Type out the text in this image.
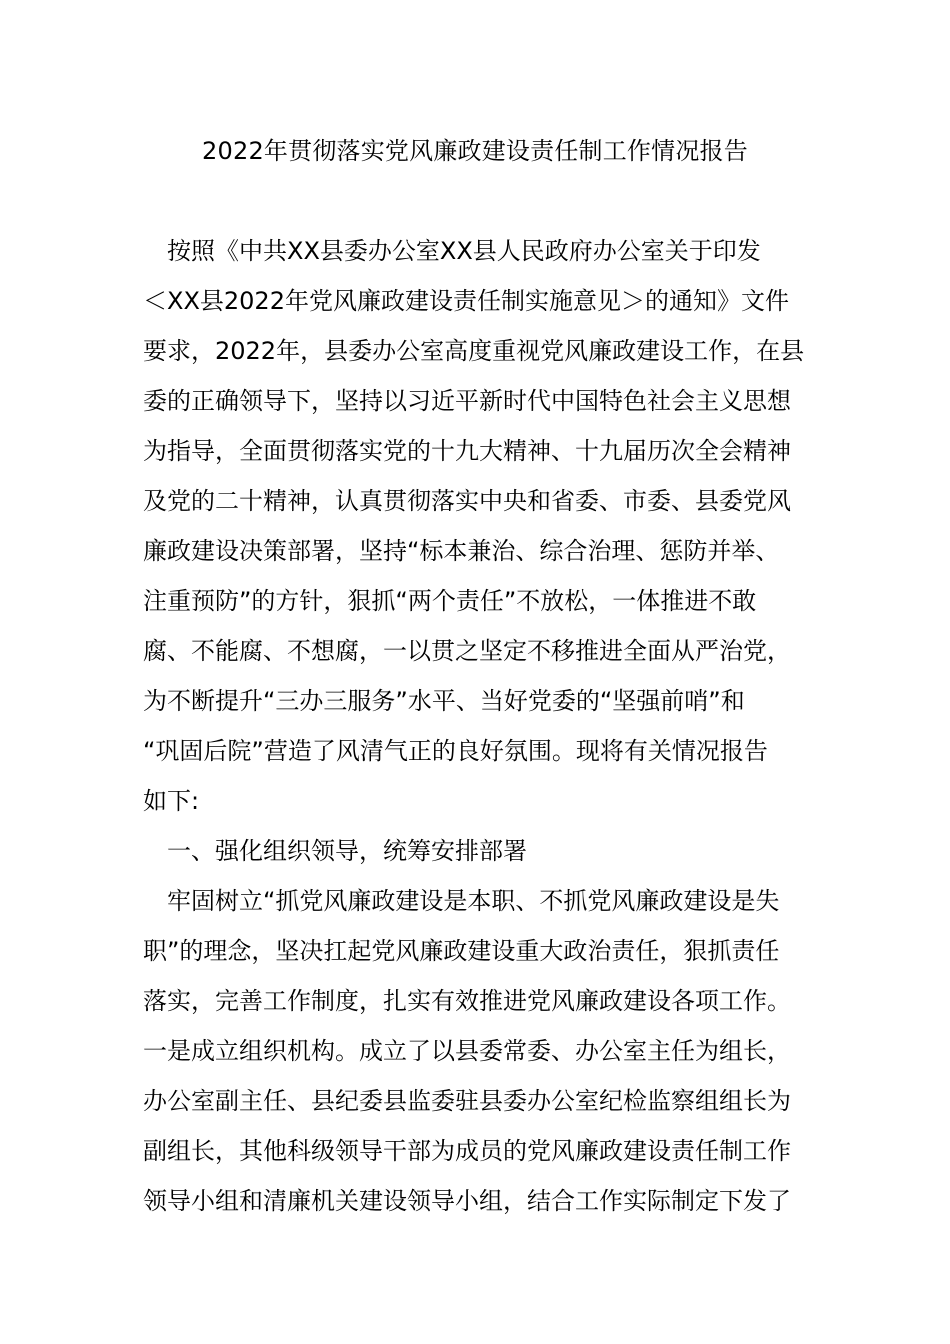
2022年贯彻落实党风廉政建设责任制工作情况报告
　按照《中共XX县委办公室XX县人民政府办公室关于印发
＜XX县2022年党风廉政建设责任制实施意见＞的通知》文件
要求，2022年，县委办公室高度重视党风廉政建设工作，在县
委的正确领导下，坚持以习近平新时代中国特色社会主义思想
为指导，全面贯彻落实党的十九大精神、十九届历次全会精神
及党的二十精神，认真贯彻落实中央和省委、市委、县委党风
廉政建设决策部署，坚持“标本兼治、综合治理、惩防并举、
注重预防”的方针，狠抓“两个责任”不放松，一体推进不敢
腐、不能腐、不想腐，一以贯之坚定不移推进全面从严治党，
为不断提升“三办三服务”水平、当好党委的“坚强前哨”和
“巩固后院”营造了风清气正的良好氛围。现将有关情况报告
如下:
　一、强化组织领导，统筹安排部署
　牢固树立“抓党风廉政建设是本职、不抓党风廉政建设是失
职”的理念，坚决扛起党风廉政建设重大政治责任，狠抓责任
落实，完善工作制度，扎实有效推进党风廉政建设各项工作。
一是成立组织机构。成立了以县委常委、办公室主任为组长，
办公室副主任、县纪委县监委驻县委办公室纪检监察组组长为
副组长，其他科级领导干部为成员的党风廉政建设责任制工作
领导小组和清廉机关建设领导小组，结合工作实际制定下发了
